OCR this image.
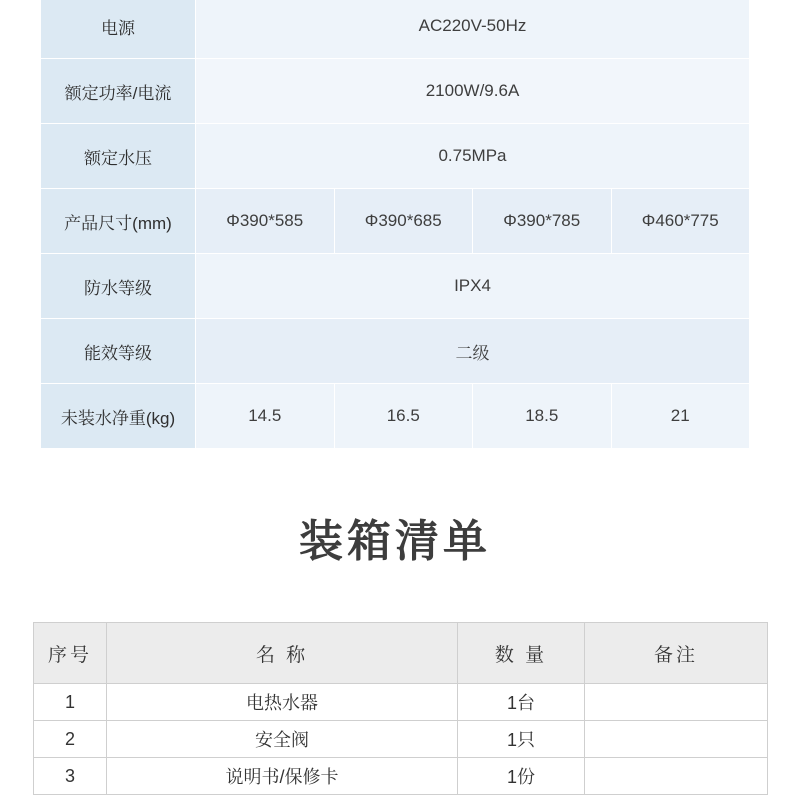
电源	AC220V-50Hz			
额定功率/电流	2100W/9.6A			
额定水压	0.75MPa			
产品尺寸(mm)	Φ390*585	Φ390*685	Φ390*785	Φ460*775
防水等级	IPX4			
能效等级	二级			
未装水净重(kg)	14.5	16.5	18.5	21
装箱清单
序号	名 称	数 量	备注
1	电热水器	1台	
2	安全阀	1只	
3	说明书/保修卡	1份	
